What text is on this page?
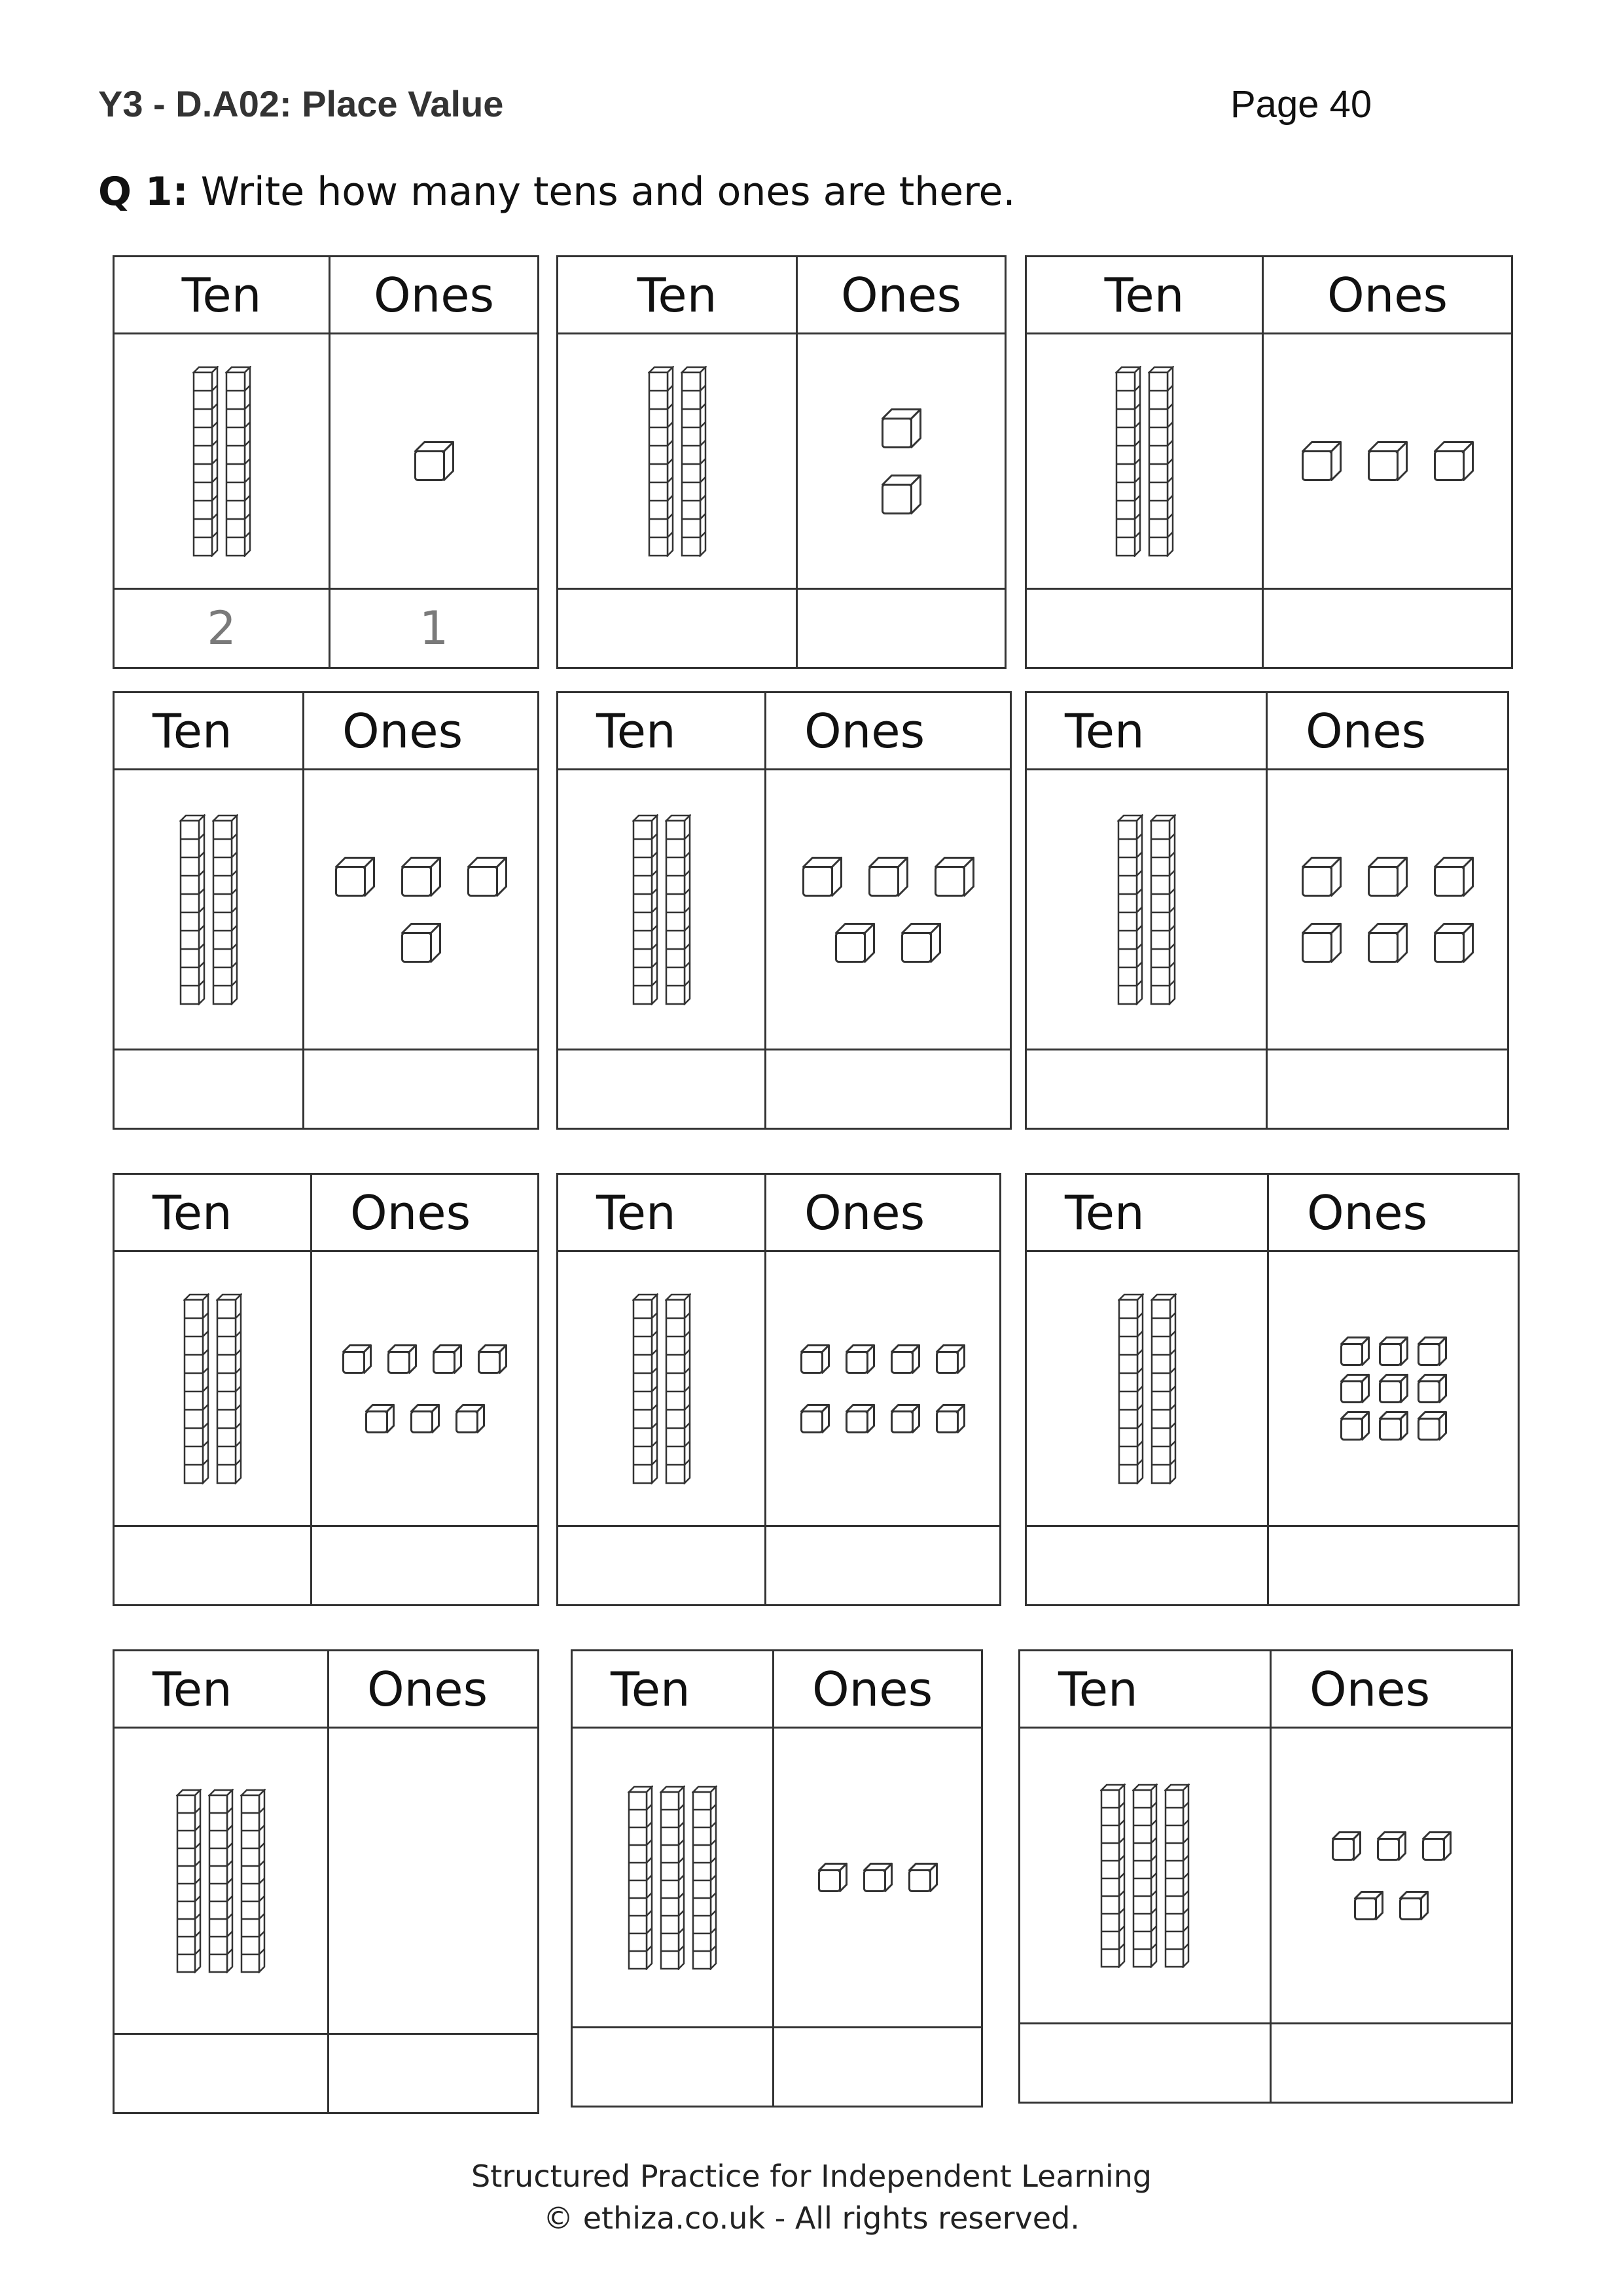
Y3 - D.A02: Place Value	Page 40
Q 1: Write how many tens and ones are there.
Ten	Ones
2	1
Ten	Ones	Ten	Ones
Ten	Ones	Ten	Ones	Ten	Ones
Ten	Ones	Ten	Ones	Ten	Ones
Ten	Ones	Ten	Ones	Ten	Ones
Structured Practice for Independent Learning
© ethiza.co.uk - All rights reserved.
